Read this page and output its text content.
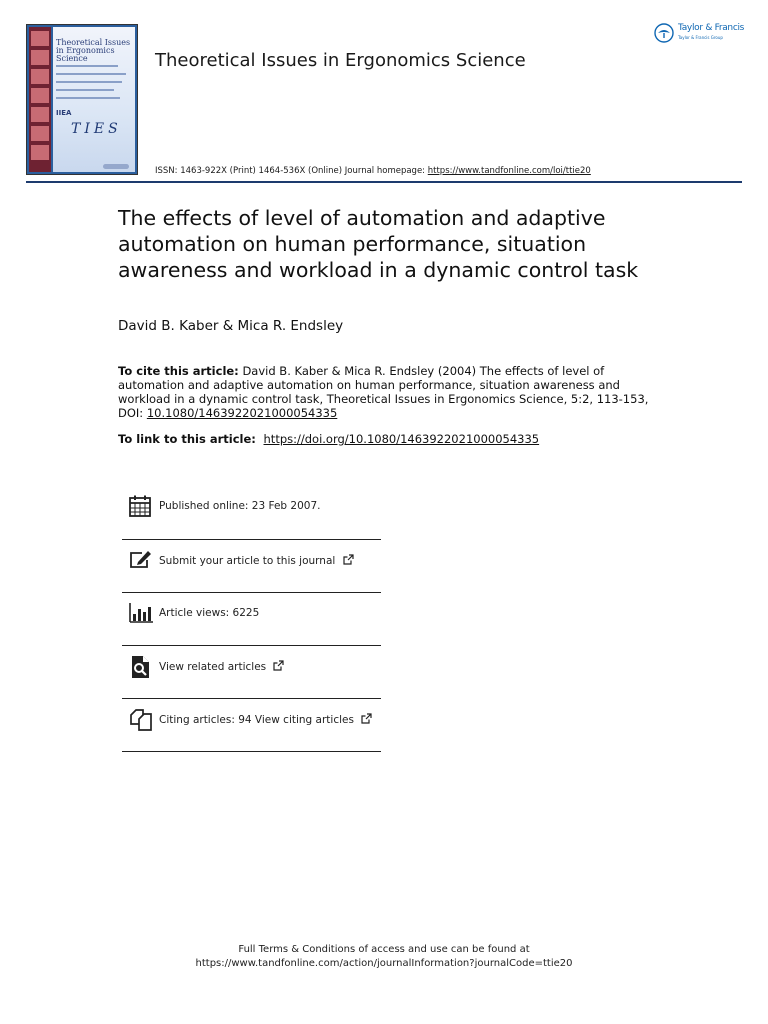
Theoretical Issues in Ergonomics Science
IIEA
TIES
Theoretical Issues in Ergonomics Science
Taylor & Francis
Taylor & Francis Group
ISSN: 1463-922X (Print) 1464-536X (Online) Journal homepage: https://www.tandfonline.com/loi/ttie20
The effects of level of automation and adaptive automation on human performance, situation awareness and workload in a dynamic control task
David B. Kaber & Mica R. Endsley
To cite this article: David B. Kaber & Mica R. Endsley (2004) The effects of level of automation and adaptive automation on human performance, situation awareness and workload in a dynamic control task, Theoretical Issues in Ergonomics Science, 5:2, 113-153, DOI: 10.1080/1463922021000054335
To link to this article: https://doi.org/10.1080/1463922021000054335
Published online: 23 Feb 2007.
Submit your article to this journal
Article views: 6225
View related articles
Citing articles: 94 View citing articles
Full Terms & Conditions of access and use can be found at
https://www.tandfonline.com/action/journalInformation?journalCode=ttie20
